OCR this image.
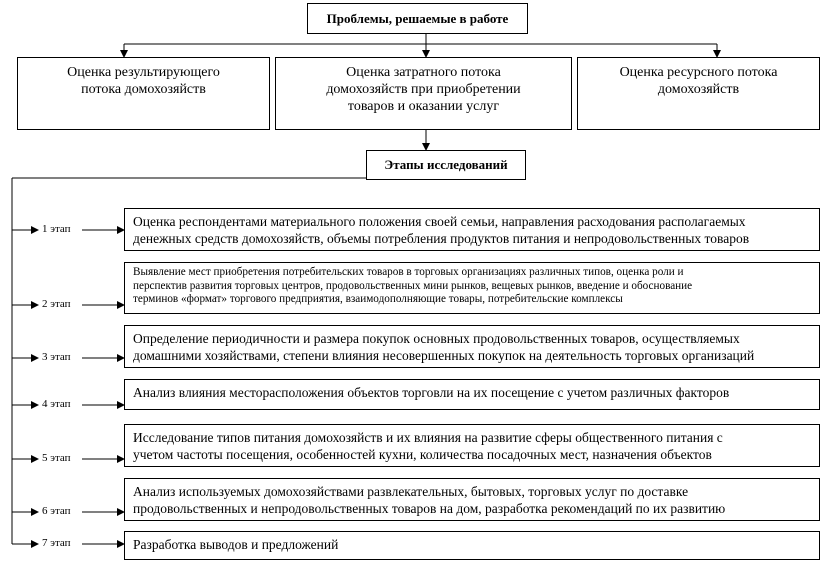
Проблемы, решаемые в работе
Оценка результирующего
потока домохозяйств
Оценка затратного потока
домохозяйств при приобретении
товаров и оказании услуг
Оценка ресурсного потока
домохозяйств
Этапы исследований
1 этап
2 этап
3 этап
4 этап
5 этап
6 этап
7 этап
Оценка респондентами материального положения своей семьи, направления расходования располагаемых
денежных средств домохозяйств, объемы потребления продуктов питания и непродовольственных товаров
Выявление мест приобретения потребительских товаров в торговых организациях различных типов, оценка роли и
перспектив развития торговых центров, продовольственных мини рынков, вещевых рынков, введение и обоснование
терминов «формат» торгового предприятия, взаимодополняющие товары, потребительские комплексы
Определение периодичности и размера покупок основных продовольственных товаров, осуществляемых
домашними хозяйствами, степени влияния несовершенных покупок на деятельность торговых организаций
Анализ влияния месторасположения объектов торговли на их посещение с учетом различных факторов
Исследование типов питания домохозяйств и их влияния на развитие сферы общественного питания с
учетом частоты посещения, особенностей кухни, количества посадочных мест, назначения объектов
Анализ используемых домохозяйствами развлекательных, бытовых, торговых услуг по доставке
продовольственных и непродовольственных товаров на дом, разработка рекомендаций по их развитию
Разработка выводов и предложений
